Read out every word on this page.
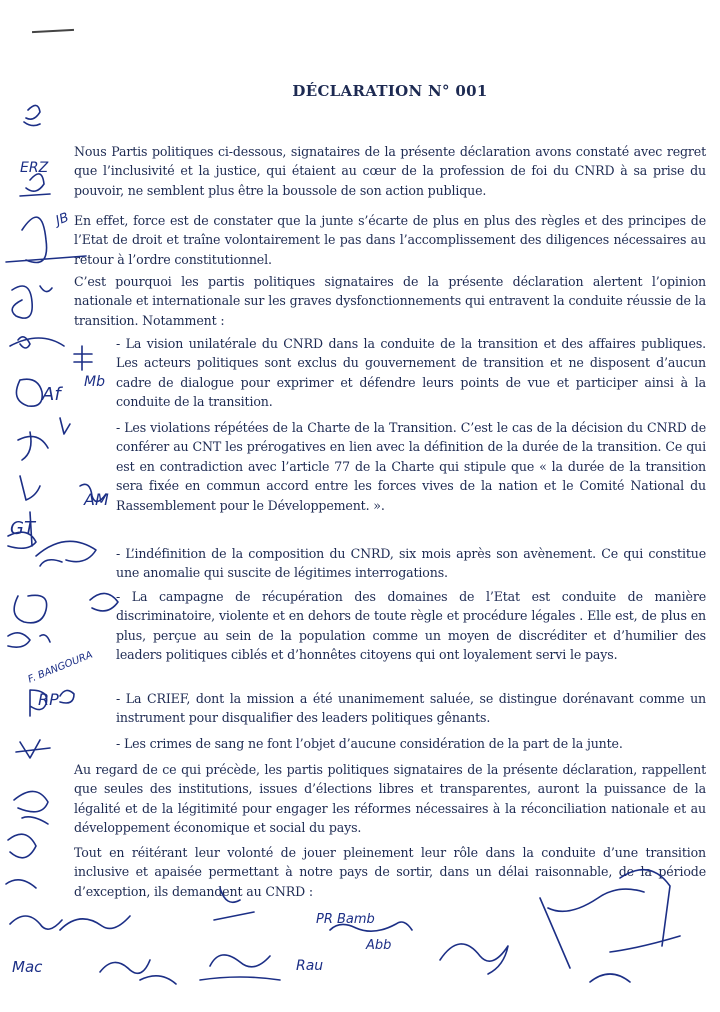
DÉCLARATION N° 001

Nous Partis politiques ci-dessous, signataires de la présente déclaration avons constaté avec regret que l’inclusivité et la justice, qui étaient au cœur de la profession de foi du CNRD à sa prise du pouvoir, ne semblent plus être la boussole de son action publique.

En effet, force est de constater que la junte s’écarte de plus en plus des règles et des principes de l’Etat de droit et traîne volontairement le pas dans l’accomplissement des diligences nécessaires au retour à l’ordre constitutionnel.

C’est pourquoi les partis politiques signataires de la présente déclaration alertent l’opinion nationale et internationale sur les graves dysfonctionnements qui entravent la conduite réussie de la transition. Notamment :

- La vision unilatérale du CNRD dans la conduite de la transition et des affaires publiques. Les acteurs politiques sont exclus du gouvernement de transition et ne disposent d’aucun cadre de dialogue pour exprimer et défendre leurs points de vue et participer ainsi à la conduite de la transition.

- Les violations répétées de la Charte de la Transition. C’est le cas de la décision du CNRD de conférer au CNT les prérogatives en lien avec la définition de la durée de la transition. Ce qui est en contradiction avec l’article 77 de la Charte qui stipule que « la durée de la transition sera fixée en commun accord entre les forces vives de la nation et le Comité National du Rassemblement pour le Développement. ».

- L’indéfinition de la composition du CNRD, six mois après son avènement. Ce qui constitue une anomalie qui suscite de légitimes interrogations.

- La campagne de récupération des domaines de l’Etat est conduite de manière discriminatoire, violente et en dehors de toute règle et procédure légales . Elle est, de plus en plus, perçue au sein de la population comme un moyen de discréditer et d’humilier des leaders politiques ciblés et d’honnêtes citoyens qui ont loyalement servi le pays.

- La CRIEF, dont la mission a été unanimement saluée, se distingue dorénavant comme un instrument pour disqualifier des leaders politiques gênants.

- Les crimes de sang ne font l’objet d’aucune considération de la part de la junte.

Au regard de ce qui précède, les partis politiques signataires de la présente déclaration, rappellent que seules des institutions, issues d’élections libres et transparentes, auront la puissance de la légalité et de la légitimité pour engager les réformes nécessaires à la réconciliation nationale et au développement économique et social du pays.

Tout en réitérant leur volonté de jouer pleinement leur rôle dans la conduite d’une transition inclusive et apaisée permettant à notre pays de sortir, dans un délai raisonnable, de la période d’exception, ils demandent au CNRD :

ERZ
JB
Mb
Af
AM
GT
F. BANGOURA
RP
Mac
PR Bamb
Rau
Abb
